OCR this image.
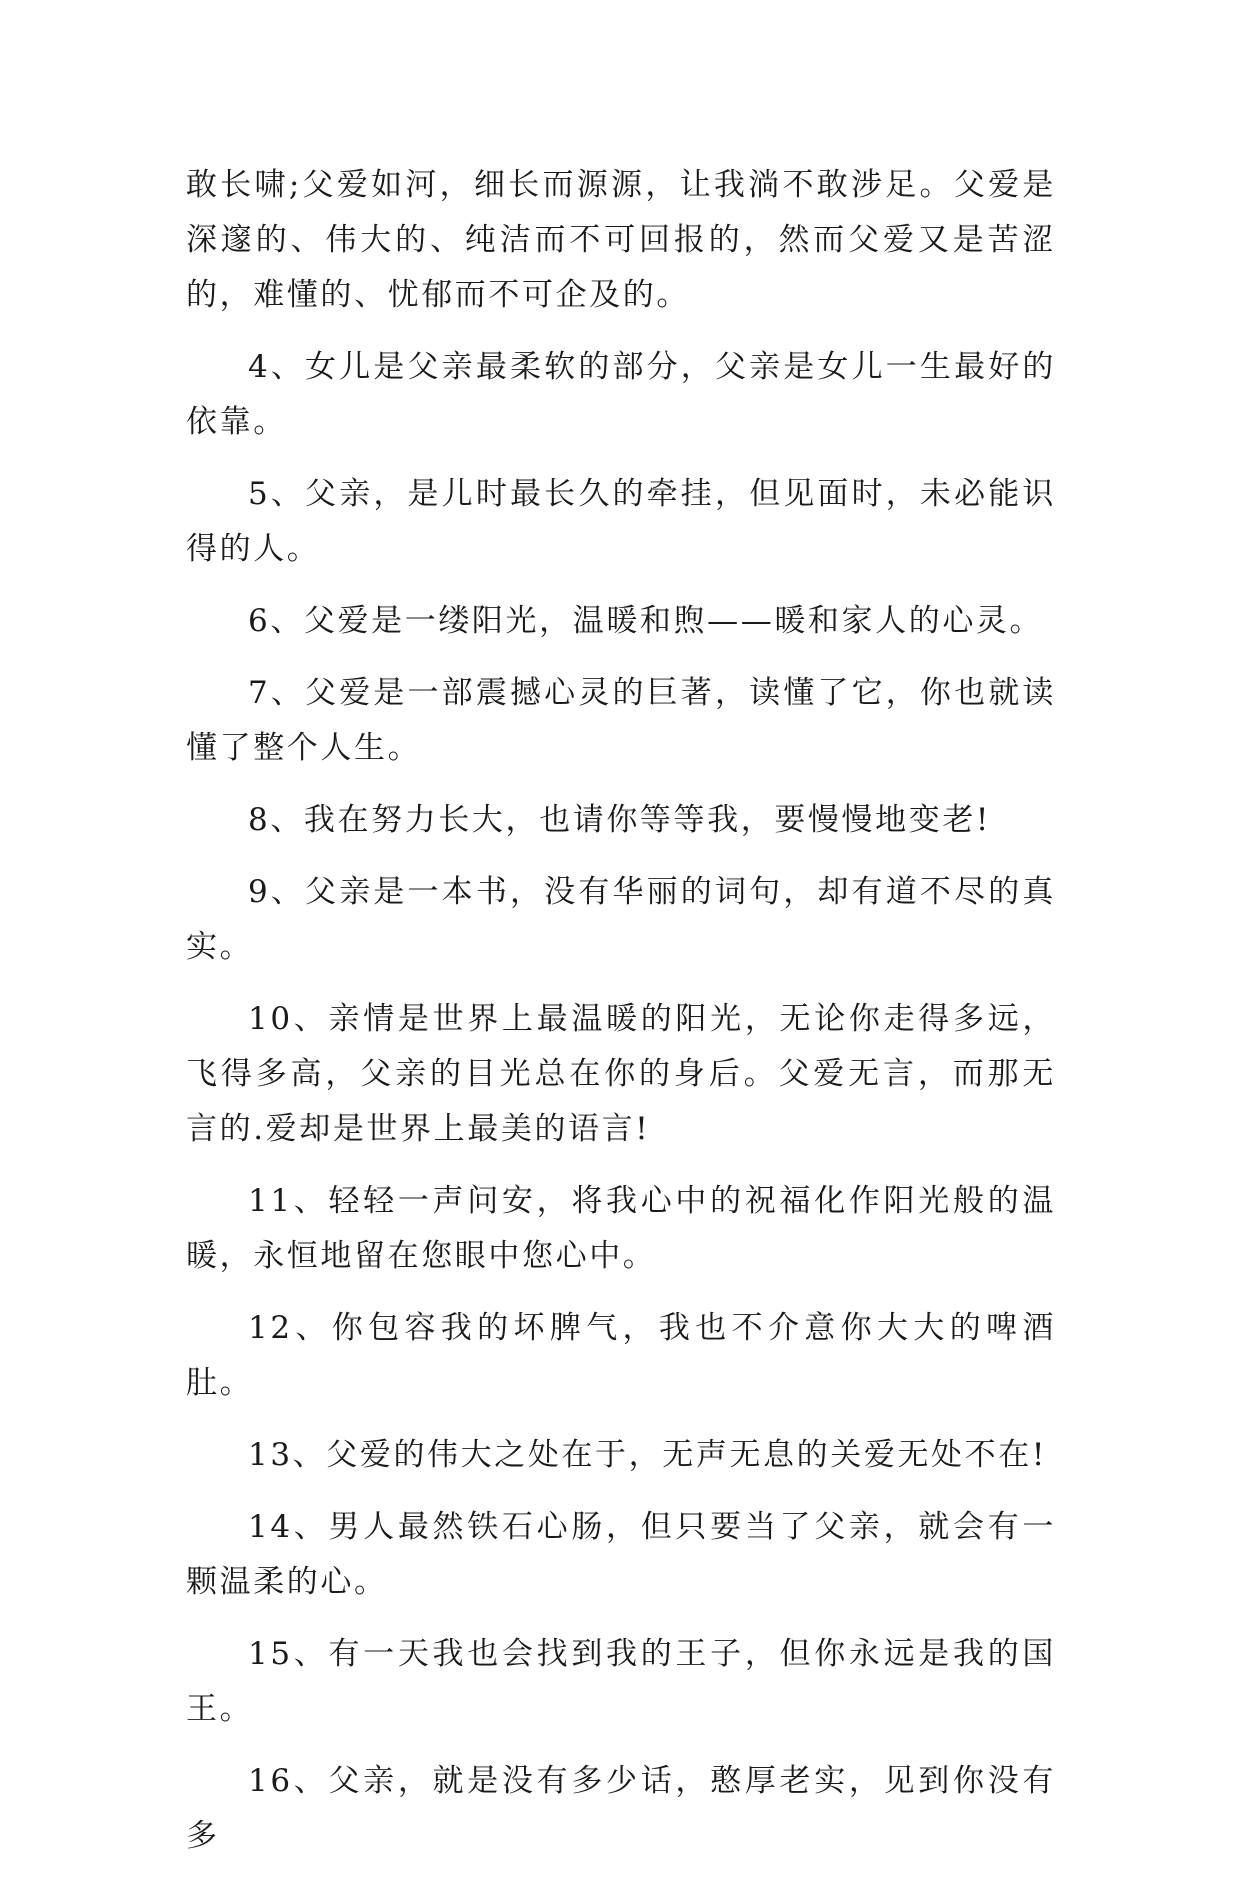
敢长啸;父爱如河，细长而源源，让我淌不敢涉足。父爱是深邃的、伟大的、纯洁而不可回报的，然而父爱又是苦涩的，难懂的、忧郁而不可企及的。

4、女儿是父亲最柔软的部分，父亲是女儿一生最好的依靠。

5、父亲，是儿时最长久的牵挂，但见面时，未必能识得的人。

6、父爱是一缕阳光，温暖和煦——暖和家人的心灵。

7、父爱是一部震撼心灵的巨著，读懂了它，你也就读懂了整个人生。

8、我在努力长大，也请你等等我，要慢慢地变老!

9、父亲是一本书，没有华丽的词句，却有道不尽的真实。

10、亲情是世界上最温暖的阳光，无论你走得多远，飞得多高，父亲的目光总在你的身后。父爱无言，而那无言的.爱却是世界上最美的语言!

11、轻轻一声问安，将我心中的祝福化作阳光般的温暖，永恒地留在您眼中您心中。

12、你包容我的坏脾气，我也不介意你大大的啤酒肚。

13、父爱的伟大之处在于，无声无息的关爱无处不在!

14、男人最然铁石心肠，但只要当了父亲，就会有一颗温柔的心。

15、有一天我也会找到我的王子，但你永远是我的国王。

16、父亲，就是没有多少话，憨厚老实，见到你没有多
